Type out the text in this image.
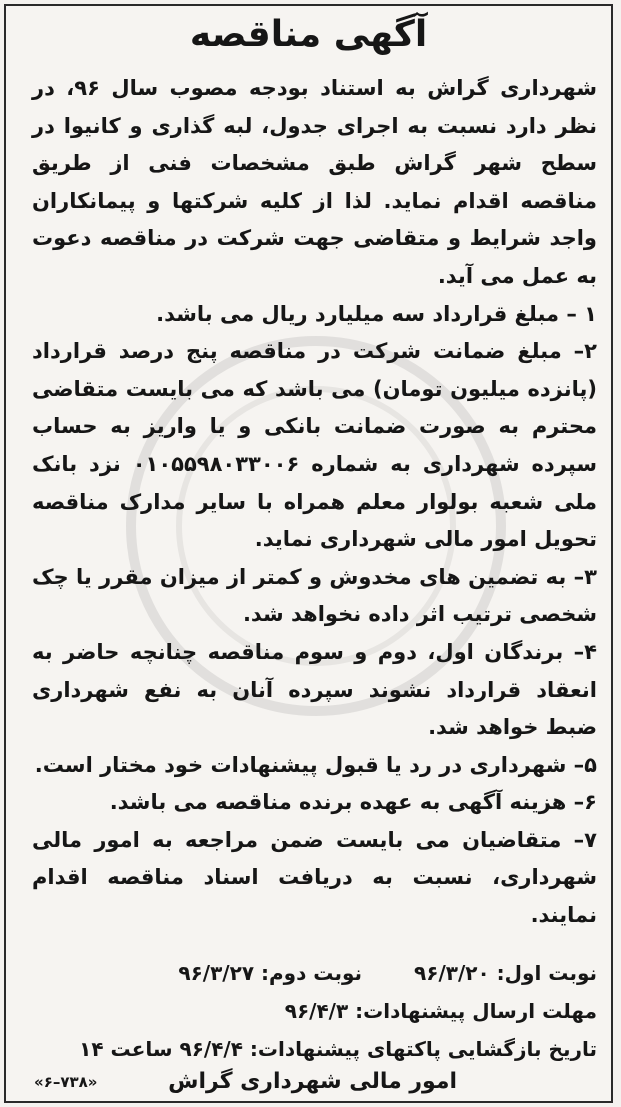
آگهی مناقصه

شهرداری گراش به استناد بودجه مصوب سال ۹۶، در نظر دارد نسبت به اجرای جدول، لبه گذاری و کانیوا در سطح شهر گراش طبق مشخصات فنی از طریق مناقصه اقدام نماید. لذا از کلیه شرکتها و پیمانکاران واجد شرایط و متقاضی جهت شرکت در مناقصه دعوت به عمل می آید.

۱ – مبلغ قرارداد سه میلیارد ریال می باشد.

۲– مبلغ ضمانت شرکت در مناقصه پنج درصد قرارداد (پانزده میلیون تومان) می باشد که می بایست متقاضی محترم به صورت ضمانت بانکی و یا واریز به حساب سپرده شهرداری به شماره ۰۱۰۵۵۹۸۰۳۳۰۰۶ نزد بانک ملی شعبه بولوار معلم همراه با سایر مدارک مناقصه تحویل امور مالی شهرداری نماید.

۳– به تضمین های مخدوش و کمتر از میزان مقرر یا چک شخصی ترتیب اثر داده نخواهد شد.

۴– برندگان اول، دوم و سوم مناقصه چنانچه حاضر به انعقاد قرارداد نشوند سپرده آنان به نفع شهرداری ضبط خواهد شد.

۵– شهرداری در رد یا قبول پیشنهادات خود مختار است.

۶– هزینه آگهی به عهده برنده مناقصه می باشد.

۷– متقاضیان می بایست ضمن مراجعه به امور مالی شهرداری، نسبت به دریافت اسناد مناقصه اقدام نمایند.

نوبت اول: ۹۶/۳/۲۰
نوبت دوم: ۹۶/۳/۲۷
مهلت ارسال پیشنهادات: ۹۶/۴/۳
تاریخ بازگشایی پاکتهای پیشنهادات: ۹۶/۴/۴ ساعت ۱۴
امور مالی شهرداری گراش
«۶–۷۳۸»
